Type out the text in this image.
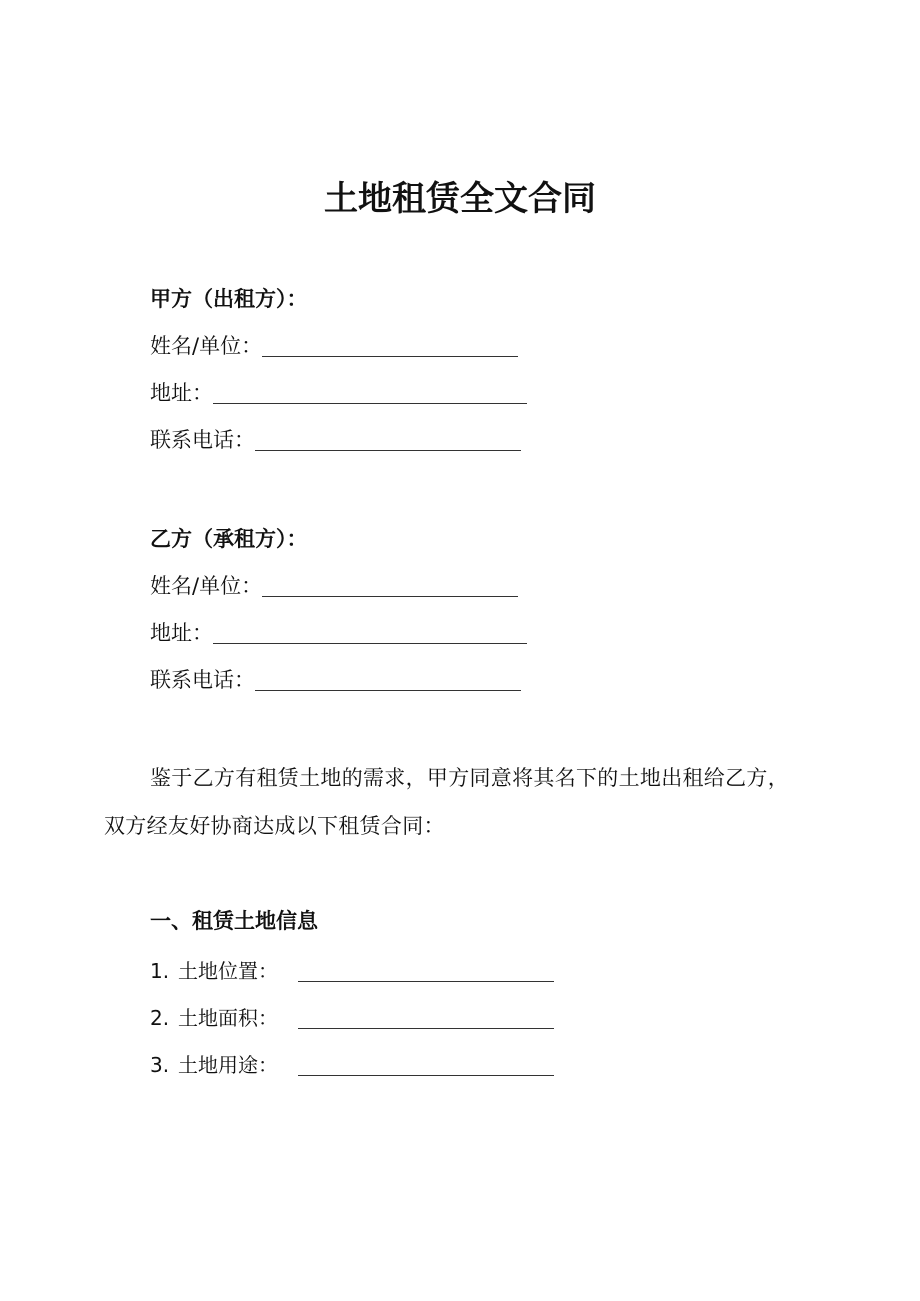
土地租赁全文合同
甲方（出租方）：
姓名/单位：
地址：
联系电话：
乙方（承租方）：
姓名/单位：
地址：
联系电话：
鉴于乙方有租赁土地的需求，甲方同意将其名下的土地出租给乙方，双方经友好协商达成以下租赁合同：
一、租赁土地信息
1. 土地位置：
2. 土地面积：
3. 土地用途：
